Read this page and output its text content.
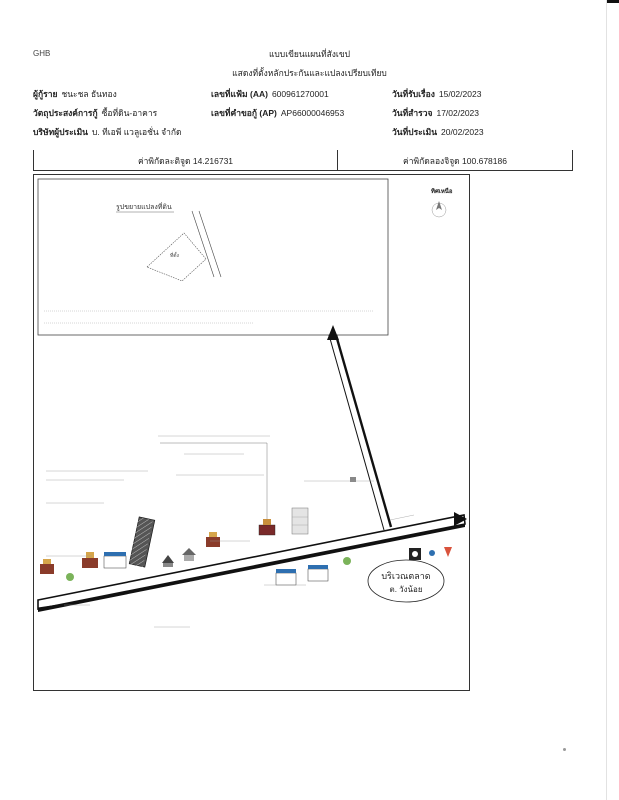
GHB	แบบเขียนแผนที่สังเขป
แสดงที่ตั้งหลักประกันและแปลงเปรียบเทียบ
ผู้กู้ราย ชนะชล ธันทอง
วัตถุประสงค์การกู้ ซื้อที่ดิน-อาคาร
บริษัทผู้ประเมิน บ. ทีเอพี แวลูเอชั่น จำกัด
เลขที่แฟ้ม (AA) 600961270001
เลขที่คำขอกู้ (AP) AP66000046953
วันที่รับเรื่อง 15/02/2023
วันที่สำรวจ 17/02/2023
วันที่ประเมิน 20/02/2023
ค่าพิกัดละติจูด 14.216731	ค่าพิกัดลองจิจูด 100.678186
รูปขยายแปลงที่ดิน
ที่ตั้ง
ทิศเหนือ
บริเวณตลาด
ต. วังน้อย
